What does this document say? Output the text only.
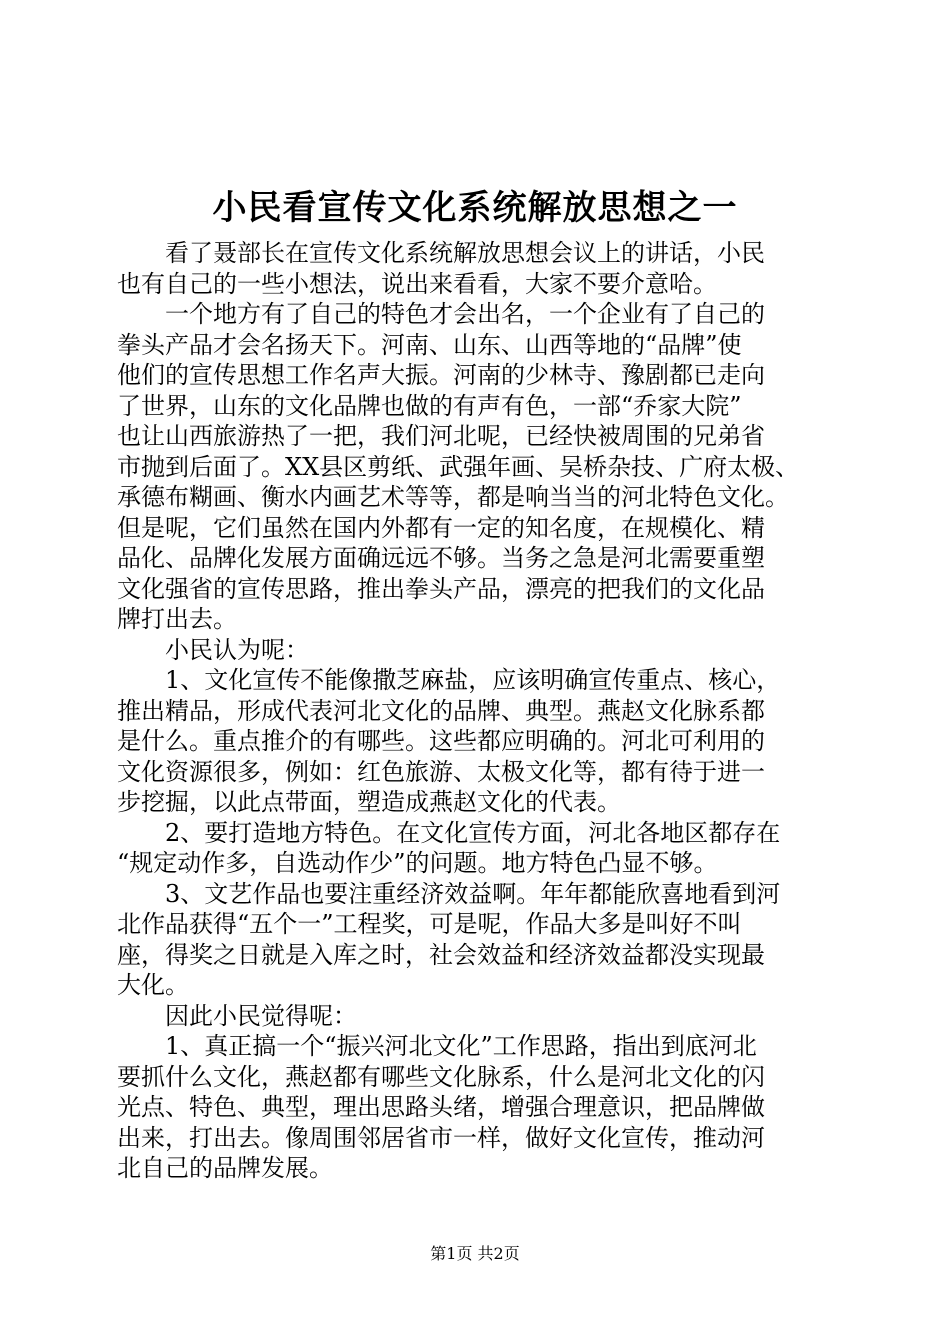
小民看宣传文化系统解放思想之一
　　看了聂部长在宣传文化系统解放思想会议上的讲话，小民
也有自己的一些小想法，说出来看看，大家不要介意哈。
　　一个地方有了自己的特色才会出名，一个企业有了自己的
拳头产品才会名扬天下。河南、山东、山西等地的“品牌”使
他们的宣传思想工作名声大振。河南的少林寺、豫剧都已走向
了世界，山东的文化品牌也做的有声有色，一部“乔家大院”
也让山西旅游热了一把，我们河北呢，已经快被周围的兄弟省
市抛到后面了。XX县区剪纸、武强年画、吴桥杂技、广府太极、
承德布糊画、衡水内画艺术等等，都是响当当的河北特色文化。
但是呢，它们虽然在国内外都有一定的知名度，在规模化、精
品化、品牌化发展方面确远远不够。当务之急是河北需要重塑
文化强省的宣传思路，推出拳头产品，漂亮的把我们的文化品
牌打出去。
　　小民认为呢：
　　1、文化宣传不能像撒芝麻盐，应该明确宣传重点、核心，
推出精品，形成代表河北文化的品牌、典型。燕赵文化脉系都
是什么。重点推介的有哪些。这些都应明确的。河北可利用的
文化资源很多，例如：红色旅游、太极文化等，都有待于进一
步挖掘，以此点带面，塑造成燕赵文化的代表。
　　2、要打造地方特色。在文化宣传方面，河北各地区都存在
“规定动作多，自选动作少”的问题。地方特色凸显不够。
　　3、文艺作品也要注重经济效益啊。年年都能欣喜地看到河
北作品获得“五个一”工程奖，可是呢，作品大多是叫好不叫
座，得奖之日就是入库之时，社会效益和经济效益都没实现最
大化。
　　因此小民觉得呢：
　　1、真正搞一个“振兴河北文化”工作思路，指出到底河北
要抓什么文化，燕赵都有哪些文化脉系，什么是河北文化的闪
光点、特色、典型，理出思路头绪，增强合理意识，把品牌做
出来，打出去。像周围邻居省市一样，做好文化宣传，推动河
北自己的品牌发展。
第1页 共2页
